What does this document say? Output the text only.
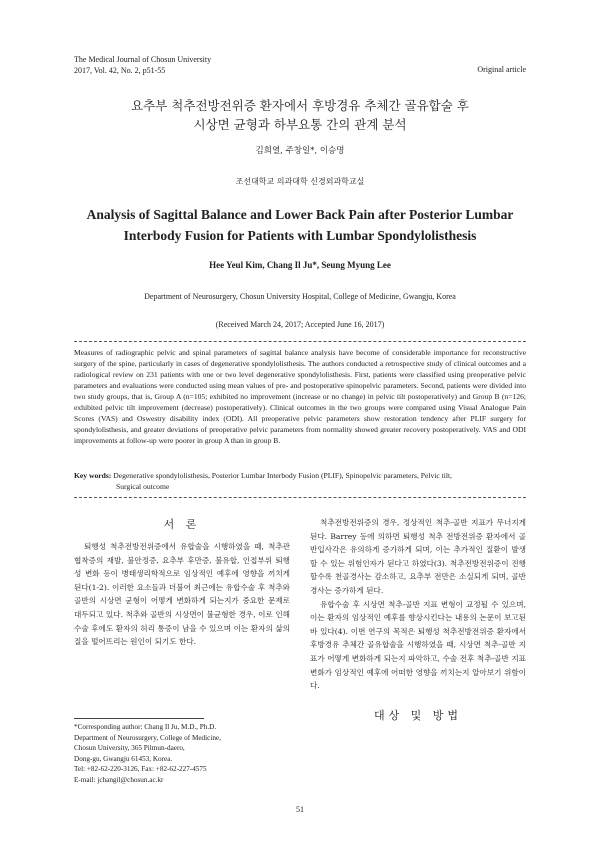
The Medical Journal of Chosun University
2017, Vol. 42, No. 2, p51-55	Original article
요추부 척추전방전위증 환자에서 후방경유 추체간 골유합술 후
시상면 균형과 하부요통 간의 관계 분석
김희열, 주창일*, 이승명
조선대학교 의과대학 신경외과학교실
Analysis of Sagittal Balance and Lower Back Pain after Posterior Lumbar
Interbody Fusion for Patients with Lumbar Spondylolisthesis
Hee Yeul Kim, Chang Il Ju*, Seung Myung Lee
Department of Neurosurgery, Chosun University Hospital, College of Medicine, Gwangju, Korea
(Received March 24, 2017; Accepted June 16, 2017)
Measures of radiographic pelvic and spinal parameters of sagittal balance analysis have become of considerable importance for reconstructive surgery of the spine, particularly in cases of degenerative spondylolisthesis. The authors conducted a retrospective study of clinical outcomes and a radiological review on 231 patients with one or two level degenerative spondylolisthesis. First, patients were classified using preoperative pelvic parameters and evaluations were conducted using mean values of pre- and postoperative spinopelvic parameters. Second, patients were divided into two study groups, that is, Group A (n=105; exhibited no improvement (increase or no change) in pelvic tilt postoperatively) and Group B (n=126; exhibited pelvic tilt improvement (decrease) postoperatively). Clinical outcomes in the two groups were compared using Visual Analogue Pain Scores (VAS) and Oswestry disability index (ODI). All preoperative pelvic parameters show restoration tendency after PLIF surgery for spondylolisthesis, and greater deviations of preoperative pelvic parameters from normality showed greater recovery postoperatively. VAS and ODI improvements at follow-up were poorer in group A than in group B.
Key words: Degenerative spondylolisthesis, Posterior Lumbar Interbody Fusion (PLIF), Spinopelvic parameters, Pelvic tilt,
Surgical outcome
서 론

퇴행성 척추전방전위증에서 유합술을 시행하였을 때, 척추관 협착증의 재발, 불안정증, 요추부 후만증, 불유합, 인접부위 퇴행성 변화 등이 병태생리학적으로 임상적인 예후에 영향을 끼치게 된다(1-2). 이러한 요소들과 더불어 최근에는 유합수술 후 척추와 골반의 시상면 균형이 어떻게 변화하게 되는지가 중요한 문제로 대두되고 있다. 척추와 골반의 시상면이 불균형한 경우, 이로 인해 수술 후에도 환자의 허리 통증이 남을 수 있으며 이는 환자의 삶의 질을 떨어뜨리는 원인이 되기도 한다.

척추전방전위증의 경우, 정상적인 척추-골반 지표가 무너지게 된다. Barrey 등에 의하면 퇴행성 척추 전방전위증 환자에서 골반입사각은 유의하게 증가하게 되며, 이는 추가적인 질환이 발생할 수 있는 위험인자가 된다고 하였다(3). 척추전방전위증이 진행할수록 천골경사는 감소하고, 요추부 전만은 소실되게 되며, 골반경사는 증가하게 된다.

유합수술 후 시상면 척추-골반 지표 변형이 교정될 수 있으며, 이는 환자의 임상적인 예후를 향상시킨다는 내용의 논문이 보고된바 있다(4). 이번 연구의 목적은 퇴행성 척추전방전위증 환자에서 후방경유 추체간 골유합술을 시행하였을 때, 시상면 척추-골반 지표가 어떻게 변화하게 되는지 파악하고, 수술 전후 척추-골반 지표 변화가 임상적인 예후에 어떠한 영향을 끼치는지 알아보기 위함이다.

대상 및 방법
*Corresponding author: Chang Il Ju, M.D., Ph.D.
Department of Neurosurgery, College of Medicine,
Chosun University, 365 Pilmun-daero,
Dong-gu, Gwangju 61453, Korea.
Tel: +82-62-220-3126, Fax: +82-62-227-4575
E-mail: jchangil@chosun.ac.kr
51
